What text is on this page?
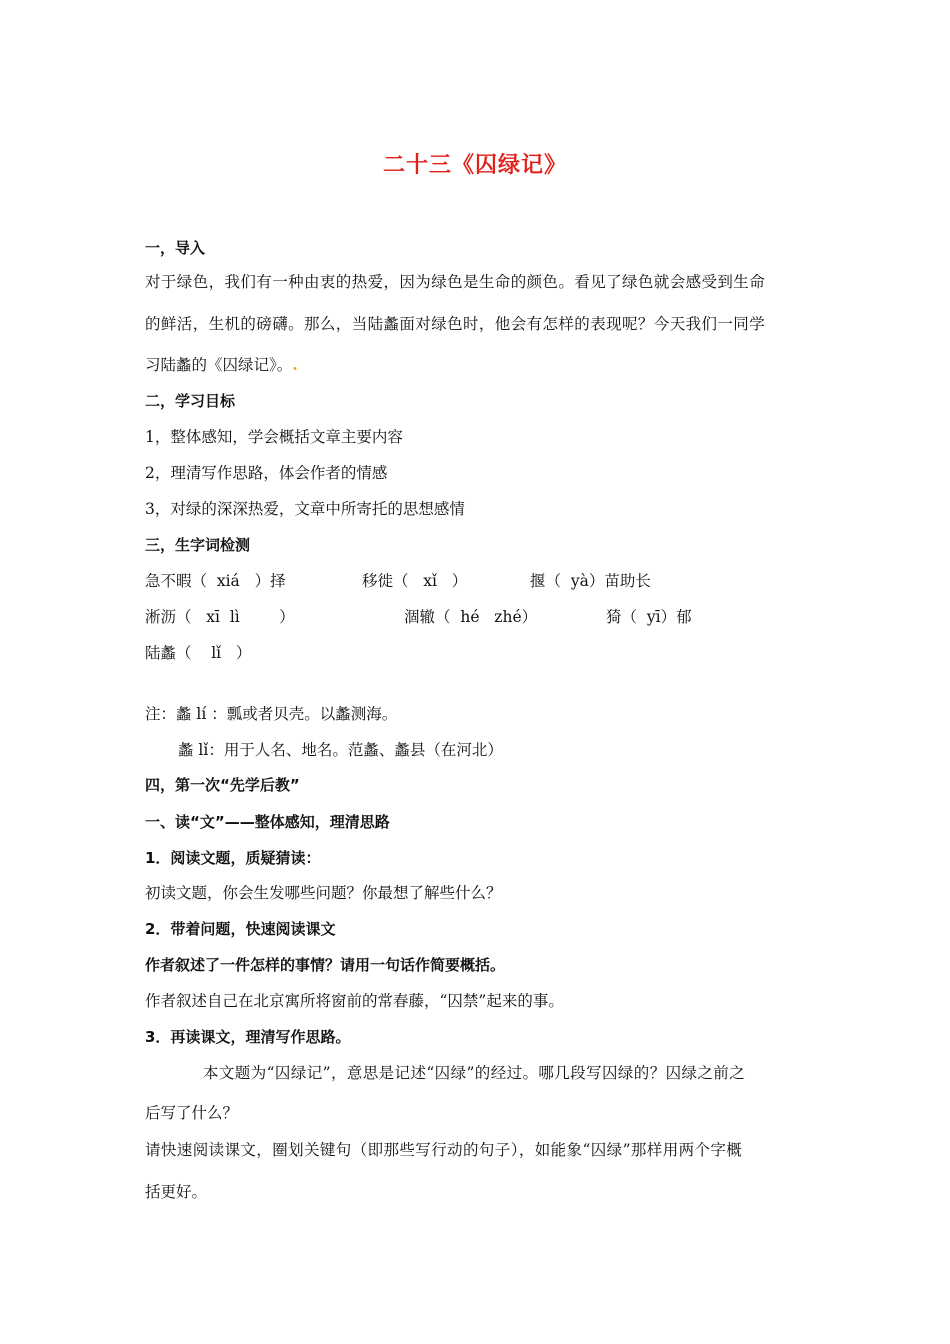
二十三《囚绿记》
一，导入
对于绿色，我们有一种由衷的热爱，因为绿色是生命的颜色。看见了绿色就会感受到生命
的鲜活，生机的磅礴。那么，当陆蠡面对绿色时，他会有怎样的表现呢？今天我们一同学
习陆蠡的《囚绿记》。.
二，学习目标
1，整体感知，学会概括文章主要内容
2，理清写作思路，体会作者的情感
3，对绿的深深热爱，文章中所寄托的思想感情
三，生字词检测
急不暇（  xiá   ）择	移徙（   xǐ   ）	揠（  yà）苗助长
淅沥（   xī  lì        ）	涸辙（  hé   zhé）	猗（  yī）郁
陆蠡（    lǐ   ）
注：蠡 lí ：瓢或者贝壳。以蠡测海。
蠡 lǐ：用于人名、地名。范蠡、蠡县（在河北）
四，第一次“先学后教”
一、读“文”——整体感知，理清思路
1．阅读文题，质疑猜读：
初读文题，你会生发哪些问题？你最想了解些什么？
2．带着问题，快速阅读课文
作者叙述了一件怎样的事情？请用一句话作简要概括。
作者叙述自己在北京寓所将窗前的常春藤，“囚禁”起来的事。
3．再读课文，理清写作思路。
本文题为“囚绿记”，意思是记述“囚绿”的经过。哪几段写囚绿的？囚绿之前之
后写了什么？
请快速阅读课文，圈划关键句（即那些写行动的句子），如能象“囚绿”那样用两个字概
括更好。
